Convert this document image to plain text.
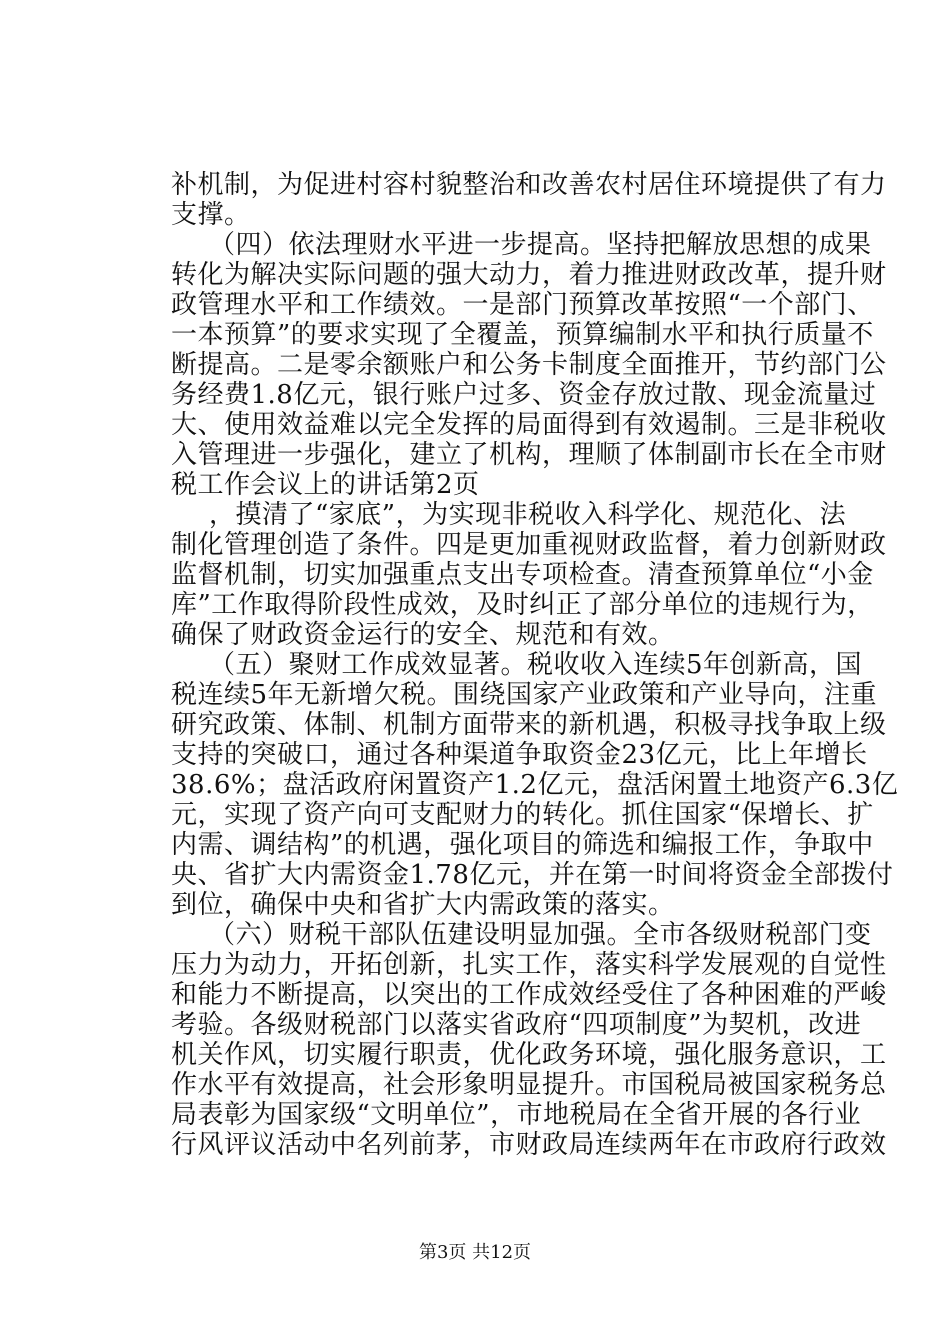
补机制，为促进村容村貌整治和改善农村居住环境提供了有力
支撑。
（四）依法理财水平进一步提高。坚持把解放思想的成果
转化为解决实际问题的强大动力，着力推进财政改革，提升财
政管理水平和工作绩效。一是部门预算改革按照“一个部门、
一本预算”的要求实现了全覆盖，预算编制水平和执行质量不
断提高。二是零余额账户和公务卡制度全面推开，节约部门公
务经费1.8亿元，银行账户过多、资金存放过散、现金流量过
大、使用效益难以完全发挥的局面得到有效遏制。三是非税收
入管理进一步强化，建立了机构，理顺了体制副市长在全市财
税工作会议上的讲话第2页
，摸清了“家底”，为实现非税收入科学化、规范化、法
制化管理创造了条件。四是更加重视财政监督，着力创新财政
监督机制，切实加强重点支出专项检查。清查预算单位“小金
库”工作取得阶段性成效，及时纠正了部分单位的违规行为，
确保了财政资金运行的安全、规范和有效。
（五）聚财工作成效显著。税收收入连续5年创新高，国
税连续5年无新增欠税。围绕国家产业政策和产业导向，注重
研究政策、体制、机制方面带来的新机遇，积极寻找争取上级
支持的突破口，通过各种渠道争取资金23亿元，比上年增长
38.6%；盘活政府闲置资产1.2亿元，盘活闲置土地资产6.3亿
元，实现了资产向可支配财力的转化。抓住国家“保增长、扩
内需、调结构”的机遇，强化项目的筛选和编报工作，争取中
央、省扩大内需资金1.78亿元，并在第一时间将资金全部拨付
到位，确保中央和省扩大内需政策的落实。
（六）财税干部队伍建设明显加强。全市各级财税部门变
压力为动力，开拓创新，扎实工作，落实科学发展观的自觉性
和能力不断提高，以突出的工作成效经受住了各种困难的严峻
考验。各级财税部门以落实省政府“四项制度”为契机，改进
机关作风，切实履行职责，优化政务环境，强化服务意识，工
作水平有效提高，社会形象明显提升。市国税局被国家税务总
局表彰为国家级“文明单位”，市地税局在全省开展的各行业
行风评议活动中名列前茅，市财政局连续两年在市政府行政效
第3页 共12页
